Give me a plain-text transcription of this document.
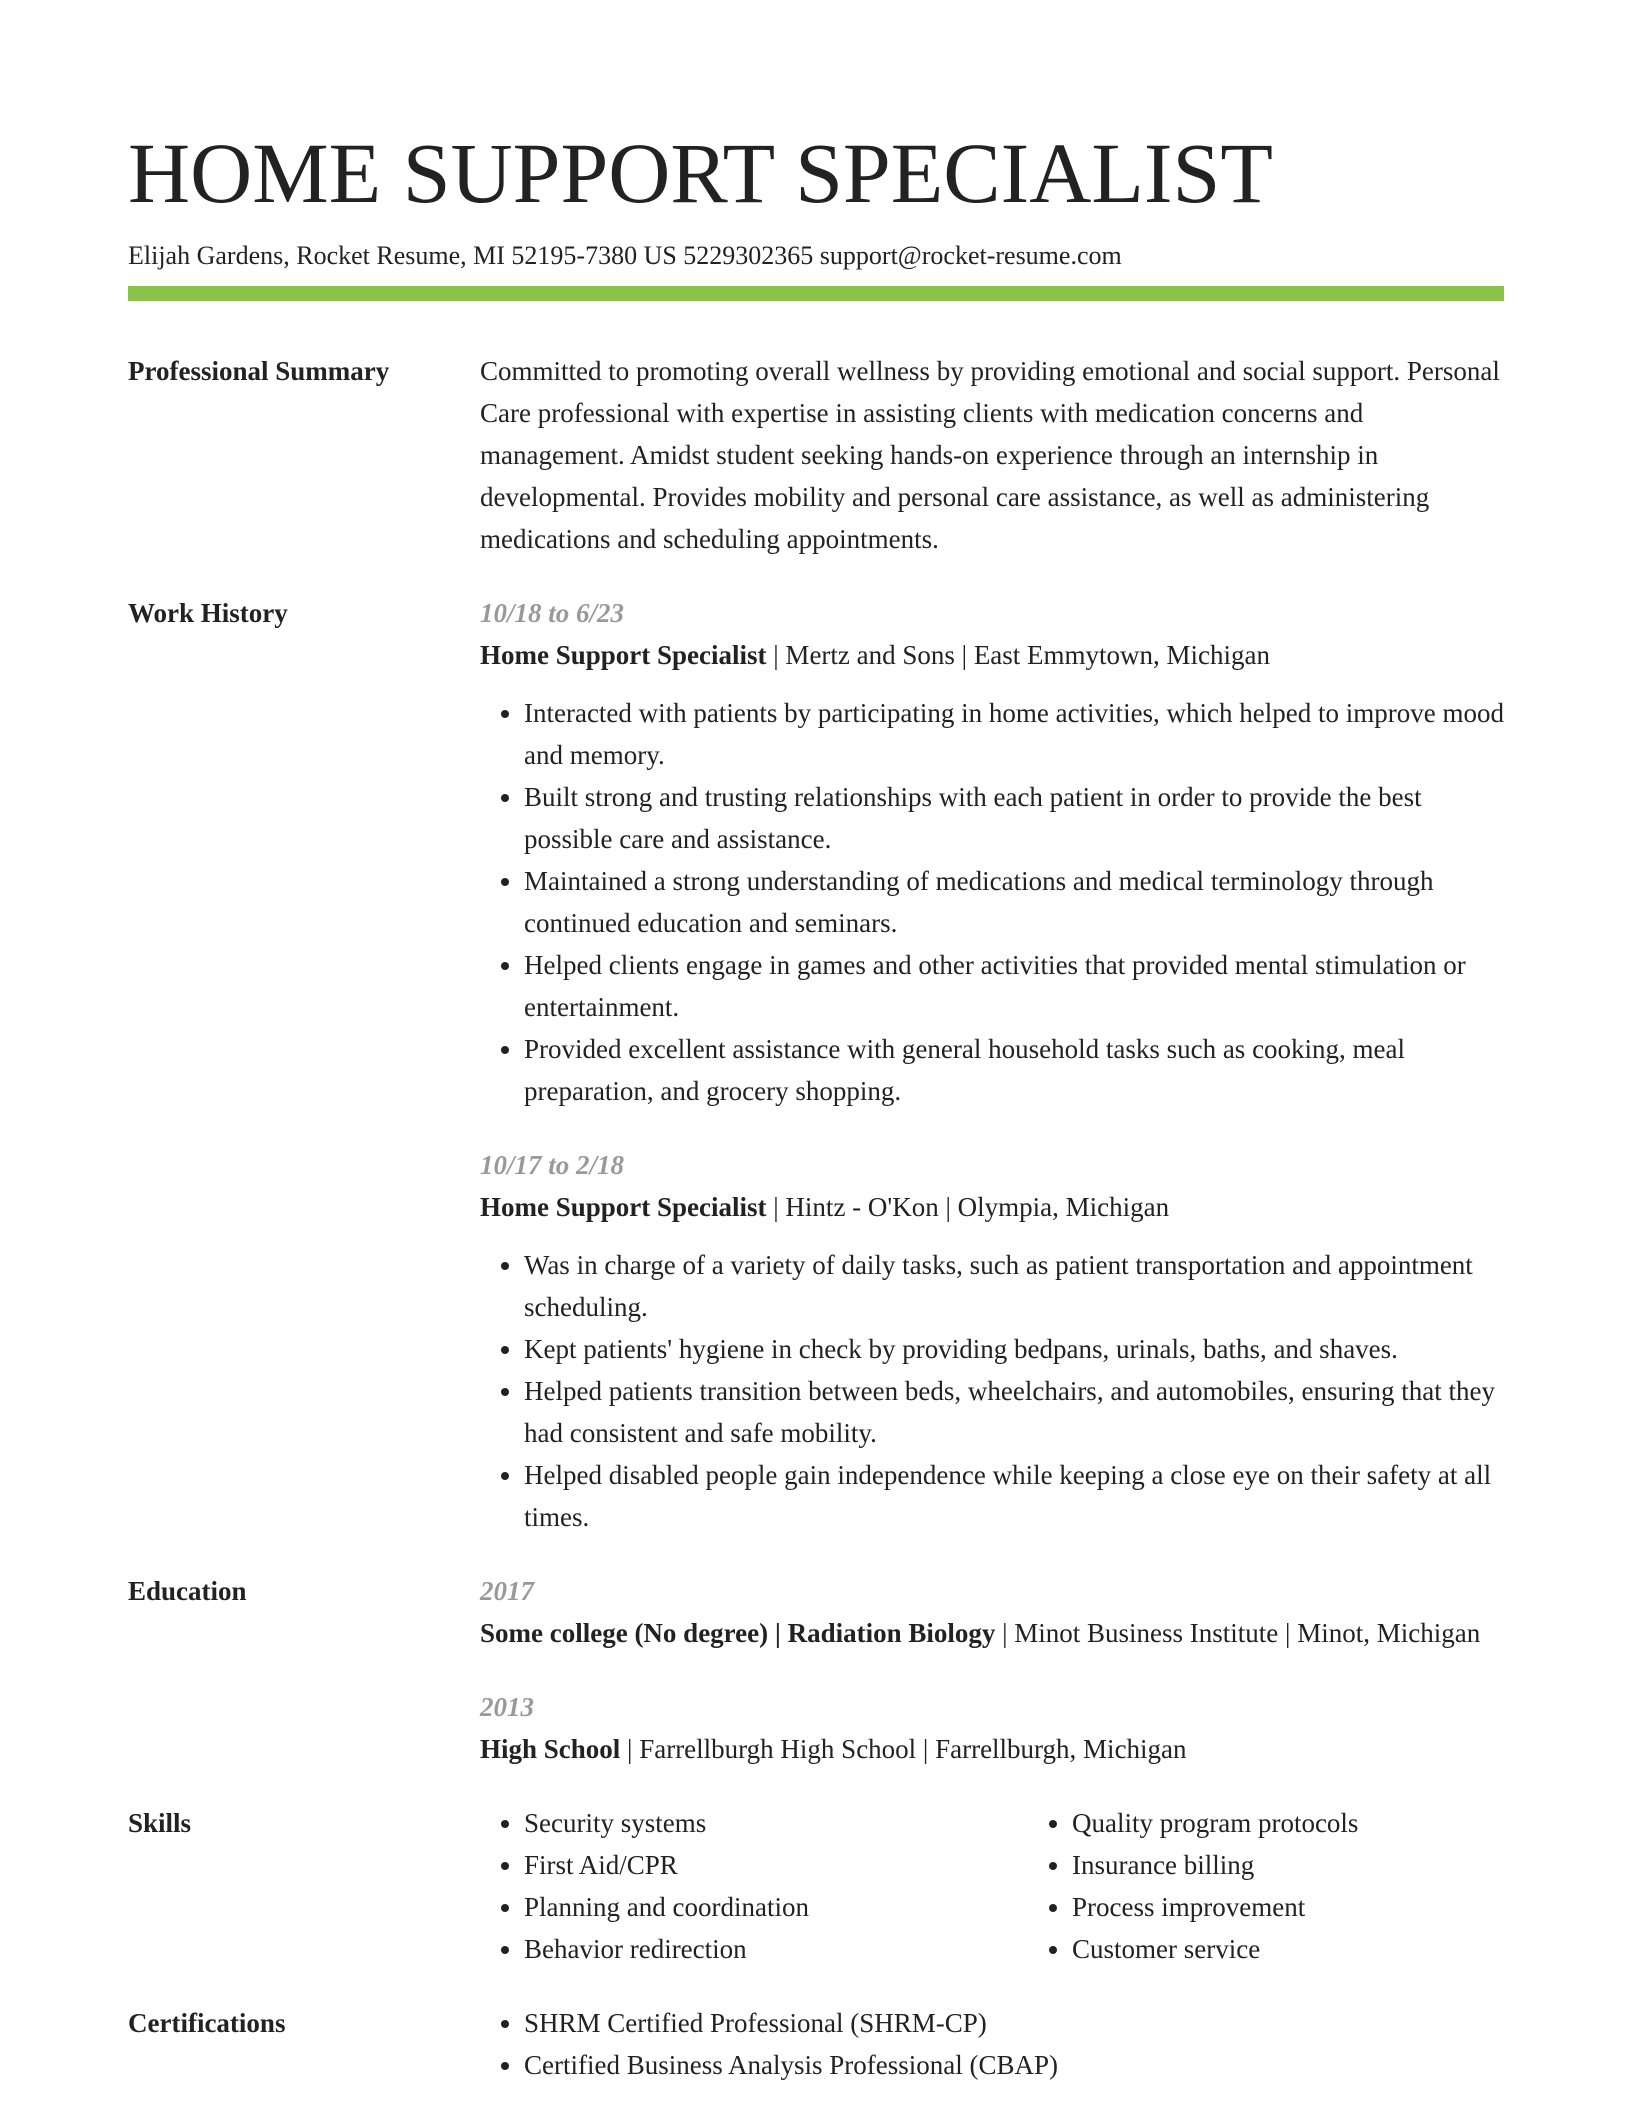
HOME SUPPORT SPECIALIST
Elijah Gardens, Rocket Resume, MI 52195-7380 US 5229302365 support@rocket-resume.com
Professional Summary	Committed to promoting overall wellness by providing emotional and social support. Personal Care professional with expertise in assisting clients with medication concerns and management. Amidst student seeking hands-on experience through an internship in developmental. Provides mobility and personal care assistance, as well as administering medications and scheduling appointments.

Work History	10/18 to 6/23
Home Support Specialist | Mertz and Sons | East Emmytown, Michigan
• Interacted with patients by participating in home activities, which helped to improve mood and memory.
• Built strong and trusting relationships with each patient in order to provide the best possible care and assistance.
• Maintained a strong understanding of medications and medical terminology through continued education and seminars.
• Helped clients engage in games and other activities that provided mental stimulation or entertainment.
• Provided excellent assistance with general household tasks such as cooking, meal preparation, and grocery shopping.
10/17 to 2/18
Home Support Specialist | Hintz - O'Kon | Olympia, Michigan
• Was in charge of a variety of daily tasks, such as patient transportation and appointment scheduling.
• Kept patients' hygiene in check by providing bedpans, urinals, baths, and shaves.
• Helped patients transition between beds, wheelchairs, and automobiles, ensuring that they had consistent and safe mobility.
• Helped disabled people gain independence while keeping a close eye on their safety at all times.
Education	2017
Some college (No degree) | Radiation Biology | Minot Business Institute | Minot, Michigan
2013
High School | Farrellburgh High School | Farrellburgh, Michigan
Skills	• Security systems
• First Aid/CPR
• Planning and coordination
• Behavior redirection
• Quality program protocols
• Insurance billing
• Process improvement
• Customer service
Certifications	• SHRM Certified Professional (SHRM-CP)
• Certified Business Analysis Professional (CBAP)
